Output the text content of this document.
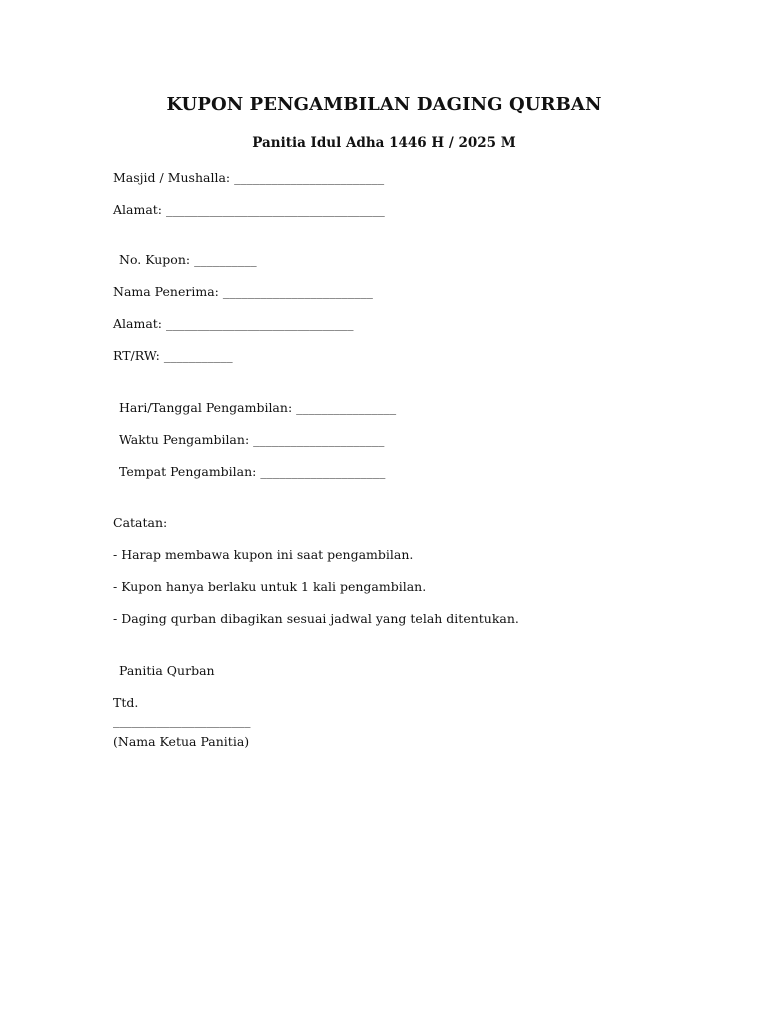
KUPON PENGAMBILAN DAGING QURBAN
Panitia Idul Adha 1446 H / 2025 M
Masjid / Mushalla: ________________________
Alamat: ___________________________________
No. Kupon: __________
Nama Penerima: ________________________
Alamat: ______________________________
RT/RW: ___________
Hari/Tanggal Pengambilan: ________________
Waktu Pengambilan: _____________________
Tempat Pengambilan: ____________________
Catatan:
- Harap membawa kupon ini saat pengambilan.
- Kupon hanya berlaku untuk 1 kali pengambilan.
- Daging qurban dibagikan sesuai jadwal yang telah ditentukan.
Panitia Qurban
Ttd.
______________________
(Nama Ketua Panitia)
